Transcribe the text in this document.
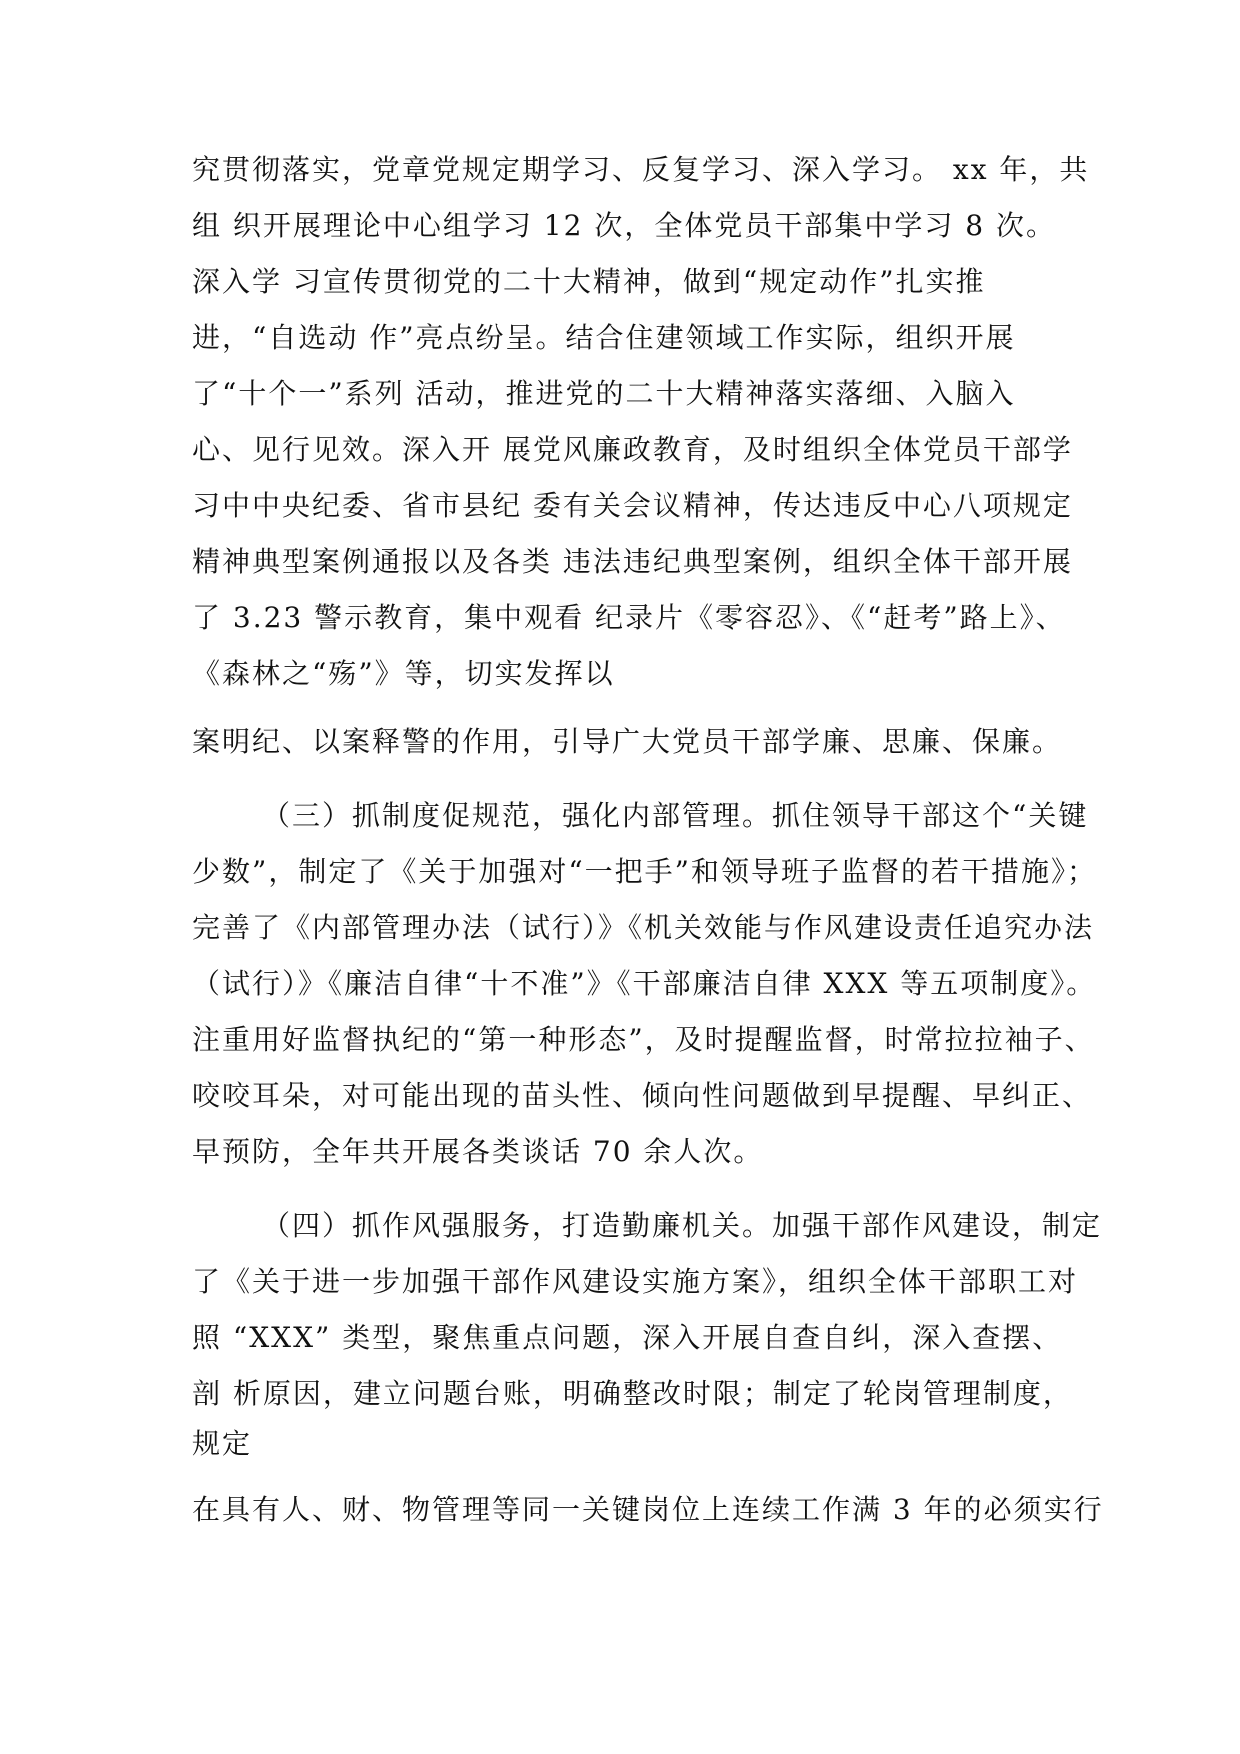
究贯彻落实，党章党规定期学习、反复学习、深入学习。 xx 年，共
组 织开展理论中心组学习 12 次，全体党员干部集中学习 8 次。
深入学 习宣传贯彻党的二十大精神，做到“规定动作”扎实推
进，“自选动 作”亮点纷呈。结合住建领域工作实际，组织开展
了“十个一”系列 活动，推进党的二十大精神落实落细、入脑入
心、见行见效。深入开 展党风廉政教育，及时组织全体党员干部学
习中中央纪委、省市县纪 委有关会议精神，传达违反中心八项规定
精神典型案例通报以及各类 违法违纪典型案例，组织全体干部开展
了 3.23 警示教育，集中观看 纪录片《零容忍》、《“赶考”路上》、
《森林之“殇”》等，切实发挥以
案明纪、以案释警的作用，引导广大党员干部学廉、思廉、保廉。
（三）抓制度促规范，强化内部管理。抓住领导干部这个“关键
少数”，制定了《关于加强对“一把手”和领导班子监督的若干措施》；
完善了《内部管理办法（试行）》《机关效能与作风建设责任追究办法
（试行）》《廉洁自律“十不准”》《干部廉洁自律 XXX 等五项制度》。
注重用好监督执纪的“第一种形态”，及时提醒监督，时常拉拉袖子、
咬咬耳朵，对可能出现的苗头性、倾向性问题做到早提醒、早纠正、
早预防，全年共开展各类谈话 70 余人次。
（四）抓作风强服务，打造勤廉机关。加强干部作风建设，制定
了《关于进一步加强干部作风建设实施方案》，组织全体干部职工对
照 “XXX” 类型，聚焦重点问题，深入开展自查自纠，深入查摆、
剖 析原因，建立问题台账，明确整改时限；制定了轮岗管理制度，
规定
在具有人、财、物管理等同一关键岗位上连续工作满 3 年的必须实行
